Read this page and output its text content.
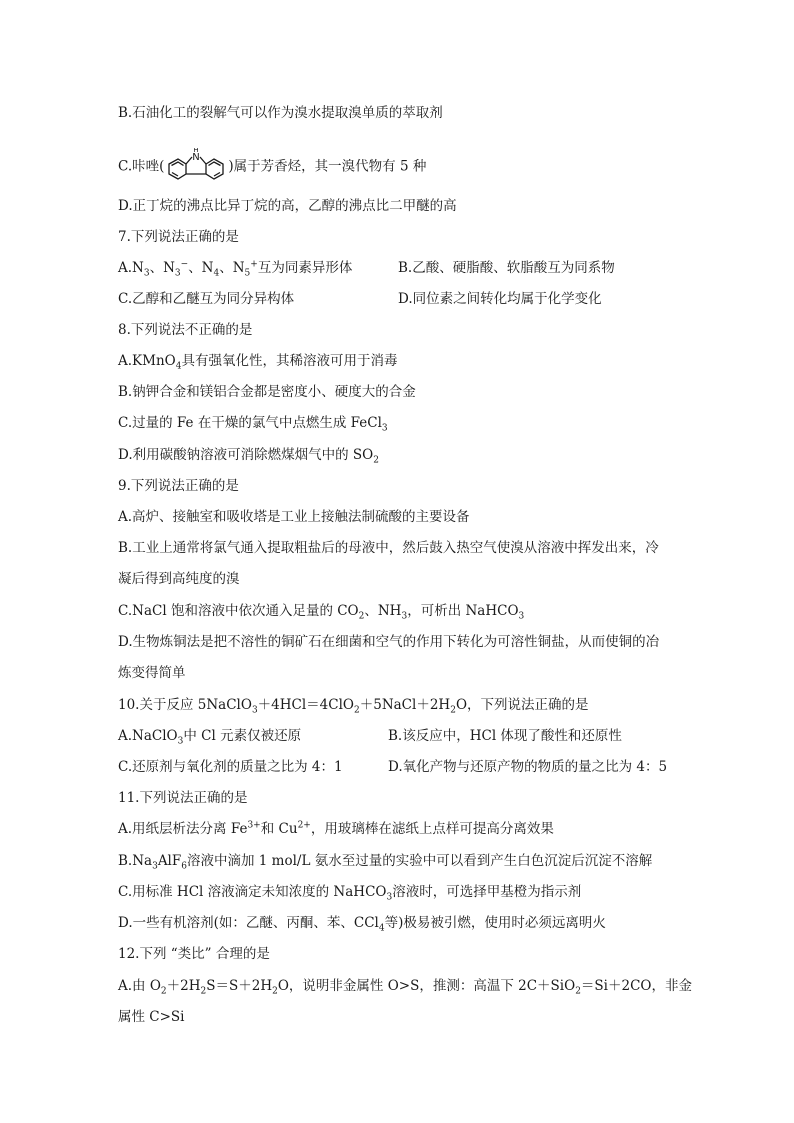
B.石油化工的裂解气可以作为溴水提取溴单质的萃取剂
C.咔唑(
N
H
)属于芳香烃，其一溴代物有 5 种
D.正丁烷的沸点比异丁烷的高，乙醇的沸点比二甲醚的高
7.下列说法正确的是
$A.N_3$、$N_3^-$、$N_4$、$N_5^+$互为同素异形体	B.乙酸、硬脂酸、软脂酸互为同系物
C.乙醇和乙醚互为同分异构体	D.同位素之间转化均属于化学变化
8.下列说法不正确的是
A.KMnO$_4$具有强氧化性，其稀溶液可用于消毒
B.钠钾合金和镁铝合金都是密度小、硬度大的合金
C.过量的 Fe 在干燥的氯气中点燃生成 FeCl$_3$
D.利用碳酸钠溶液可消除燃煤烟气中的 $SO_2$
9.下列说法正确的是
A.高炉、接触室和吸收塔是工业上接触法制硫酸的主要设备
B.工业上通常将氯气通入提取粗盐后的母液中，然后鼓入热空气使溴从溶液中挥发出来，冷
凝后得到高纯度的溴
C.NaCl 饱和溶液中依次通入足量的 $CO_2$、$NH_3$，可析出 NaHCO$_3$
D.生物炼铜法是把不溶性的铜矿石在细菌和空气的作用下转化为可溶性铜盐，从而使铜的冶
炼变得简单
10.关于反应 $5NaClO_3+4HCl=4ClO_2+5NaCl+2H_2O$，下列说法正确的是
A.NaClO$_3$中 Cl 元素仅被还原	B.该反应中，HCl 体现了酸性和还原性
C.还原剂与氧化剂的质量之比为 4：1	D.氧化产物与还原产物的物质的量之比为 4：5
11.下列说法正确的是
A.用纸层析法分离 $Fe^{3+}$和 $Cu^{2+}$，用玻璃棒在滤纸上点样可提高分离效果
$B.Na_3AlF_6$溶液中滴加 1 mol/L 氨水至过量的实验中可以看到产生白色沉淀后沉淀不溶解
C.用标准 HCl 溶液滴定未知浓度的 NaHCO$_3$溶液时，可选择甲基橙为指示剂
D.一些有机溶剂(如：乙醚、丙酮、苯、CCl$_4$等)极易被引燃，使用时必须远离明火
12.下列 “类比” 合理的是
A.由 $O_2+2H_2S=S+2H_2O$，说明非金属性 O>S，推测：高温下 2C＋SiO$_2$＝Si＋2CO，非金
属性 C>Si
